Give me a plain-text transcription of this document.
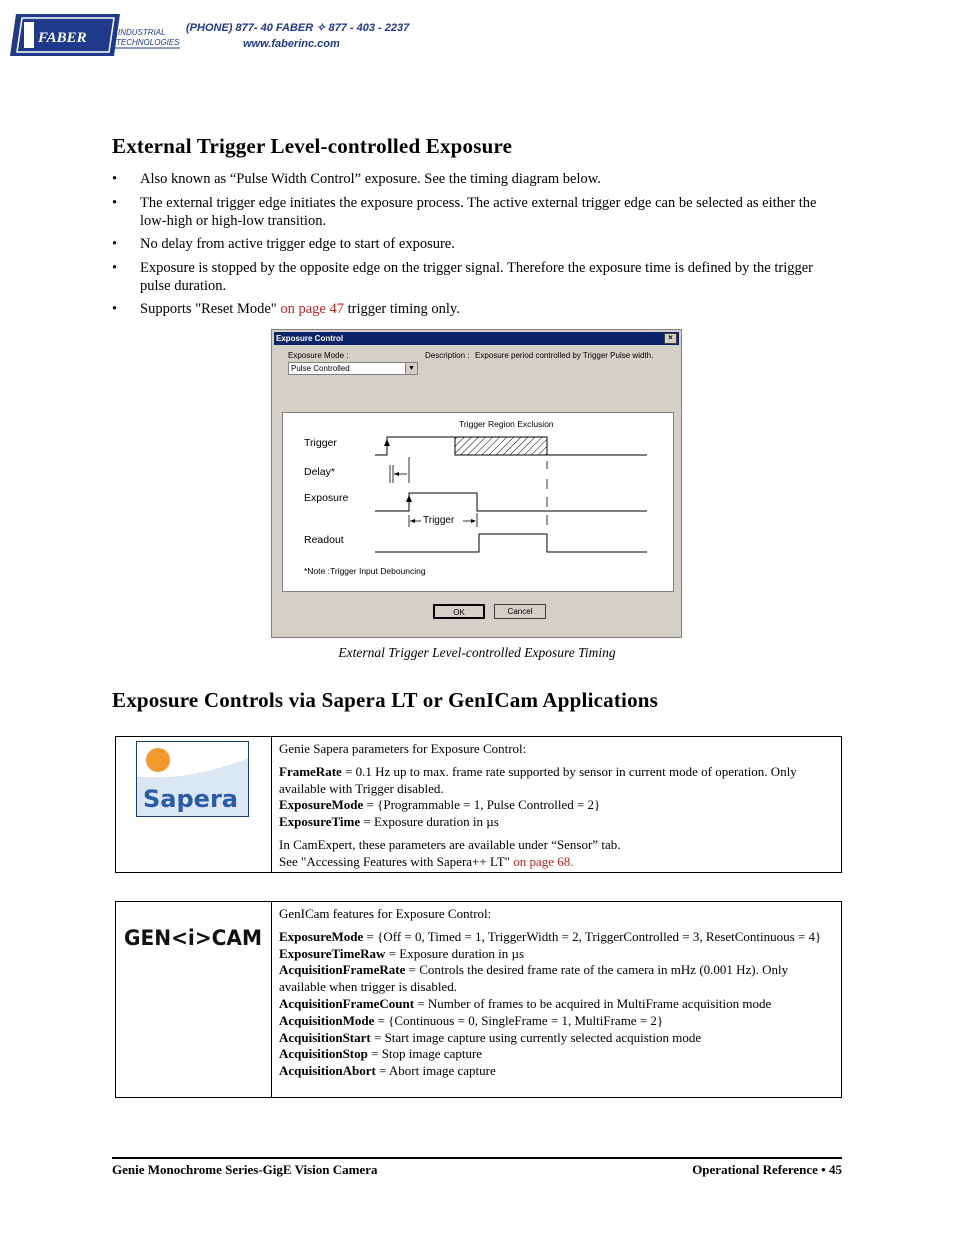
FABER	INDUSTRIAL
TECHNOLOGIES
(PHONE) 877- 40 FABER ✧ 877 - 403 - 2237
www.faberinc.com
External Trigger Level-controlled Exposure
• Also known as “Pulse Width Control” exposure. See the timing diagram below.
• The external trigger edge initiates the exposure process. The active external trigger edge can be selected as either the low-high or high-low transition.
• No delay from active trigger edge to start of exposure.
• Exposure is stopped by the opposite edge on the trigger signal. Therefore the exposure time is defined by the trigger pulse duration.
• Supports "Reset Mode" on page 47 trigger timing only.
Exposure Control	×
Exposure Mode :
Pulse Controlled	▼
Description : Exposure period controlled by Trigger Pulse width.
Trigger Region Exclusion
Trigger
Delay*
Exposure
Readout
Trigger
*Note :Trigger Input Debouncing
OK	Cancel
External Trigger Level-controlled Exposure Timing
Exposure Controls via Sapera LT or GenICam Applications
Sapera

Genie Sapera parameters for Exposure Control:

FrameRate = 0.1 Hz up to max. frame rate supported by sensor in current mode of operation. Only available with Trigger disabled.

ExposureMode = {Programmable = 1, Pulse Controlled = 2}

ExposureTime = Exposure duration in µs

In CamExpert, these parameters are available under “Sensor” tab.

See "Accessing Features with Sapera++ LT" on page 68.

GEN<i>CAM

GenICam features for Exposure Control:

ExposureMode = {Off = 0, Timed = 1, TriggerWidth = 2, TriggerControlled = 3, ResetContinuous = 4}

ExposureTimeRaw = Exposure duration in µs

AcquisitionFrameRate = Controls the desired frame rate of the camera in mHz (0.001 Hz). Only available when trigger is disabled.

AcquisitionFrameCount = Number of frames to be acquired in MultiFrame acquisition mode

AcquisitionMode = {Continuous = 0, SingleFrame = 1, MultiFrame = 2}

AcquisitionStart = Start image capture using currently selected acquistion mode

AcquisitionStop = Stop image capture

AcquisitionAbort = Abort image capture

Genie Monochrome Series-GigE Vision Camera	Operational Reference • 45
